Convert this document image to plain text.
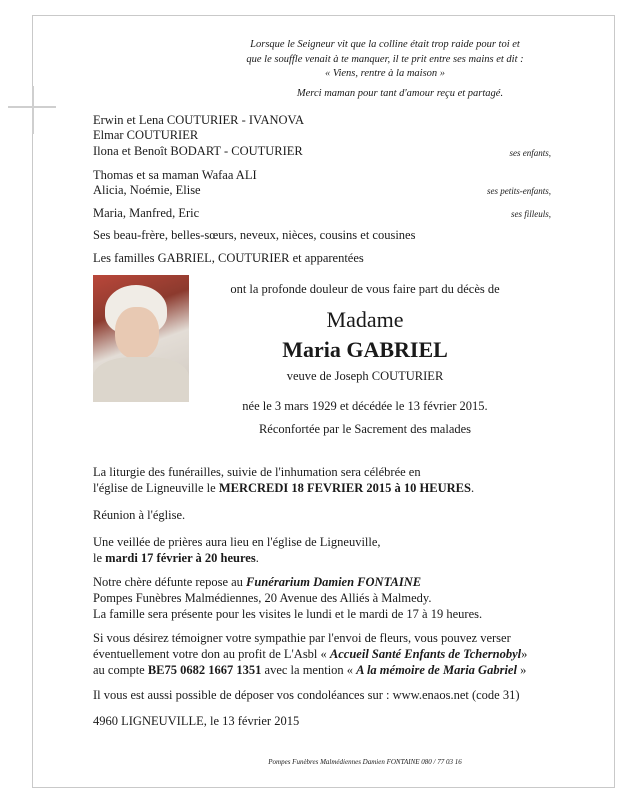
Lorsque le Seigneur vit que la colline était trop raide pour toi et
que le souffle venait à te manquer, il te prit entre ses mains et dit :
« Viens, rentre à la maison »
Merci maman pour tant d'amour reçu et partagé.
Erwin et Lena COUTURIER - IVANOVA
Elmar COUTURIER
Ilona et Benoît BODART - COUTURIER	ses enfants,
Thomas et sa maman Wafaa ALI
Alicia, Noémie, Elise	ses petits-enfants,
Maria, Manfred, Eric	ses filleuls,
Ses beau-frère, belles-sœurs, neveux, nièces, cousins et cousines
Les familles GABRIEL, COUTURIER et apparentées
ont la profonde douleur de vous faire part du décès de
Madame
Maria GABRIEL
veuve de Joseph COUTURIER
née le 3 mars 1929 et décédée le 13 février 2015.
Réconfortée par le Sacrement des malades
La liturgie des funérailles, suivie de l'inhumation sera célébrée en
l'église de Ligneuville le MERCREDI 18 FEVRIER 2015 à 10 HEURES.
Réunion à l'église.
Une veillée de prières aura lieu en l'église de Ligneuville,
le mardi 17 février à 20 heures.
Notre chère défunte repose au Funérarium Damien FONTAINE
Pompes Funèbres Malmédiennes, 20 Avenue des Alliés à Malmedy.
La famille sera présente pour les visites le lundi et le mardi de 17 à 19 heures.
Si vous désirez témoigner votre sympathie par l'envoi de fleurs, vous pouvez verser
éventuellement votre don au profit de L'Asbl « Accueil Santé Enfants de Tchernobyl»
au compte BE75 0682 1667 1351 avec la mention « A la mémoire de Maria Gabriel »
Il vous est aussi possible de déposer vos condoléances sur : www.enaos.net (code 31)
4960 LIGNEUVILLE, le 13 février 2015
Pompes Funèbres Malmédiennes Damien FONTAINE 080 / 77 03 16
